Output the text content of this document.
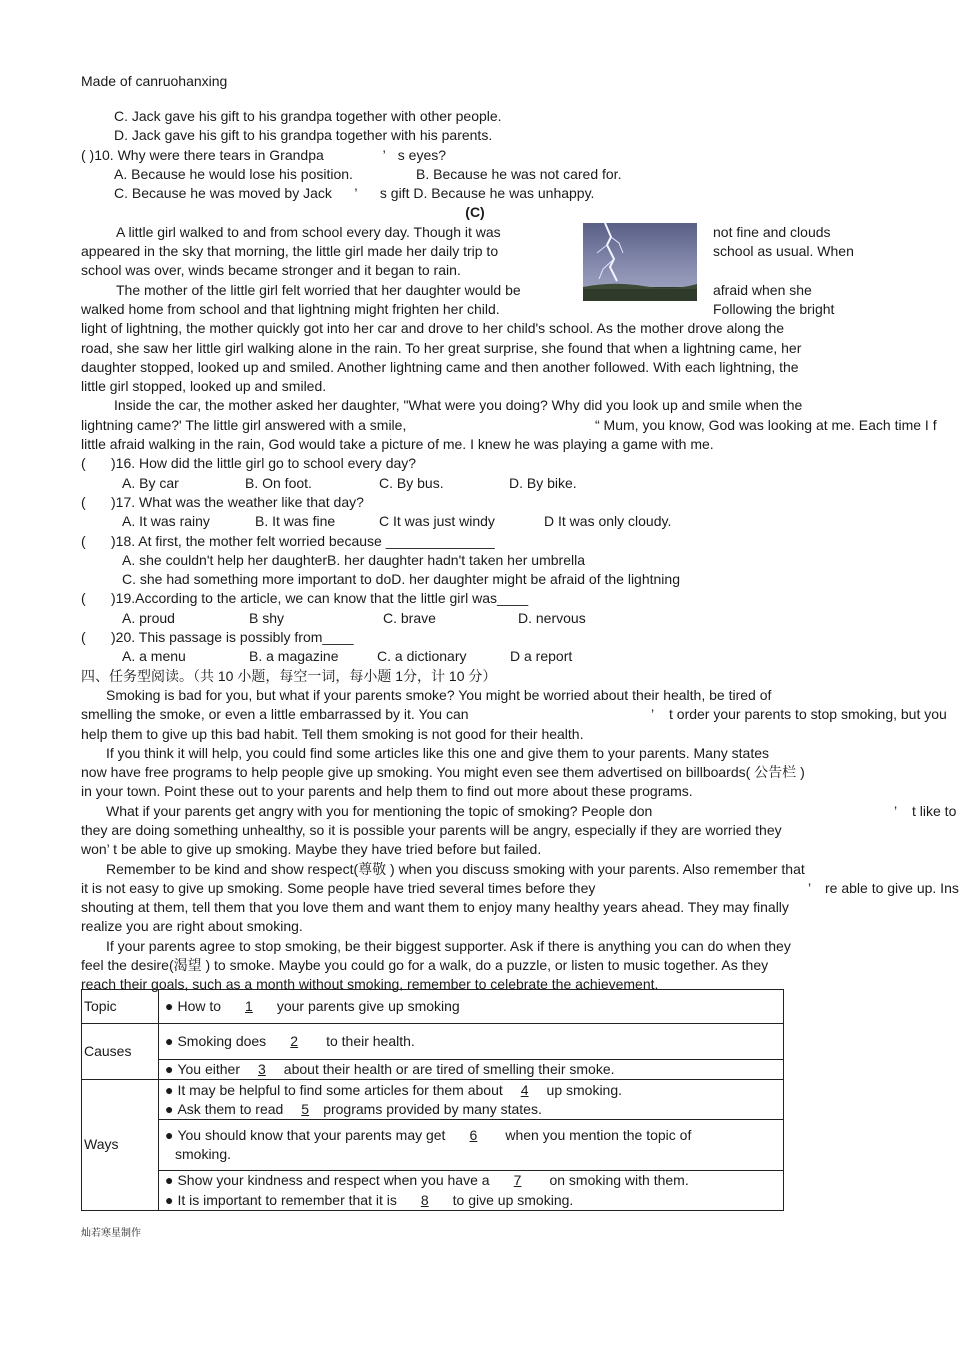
Made of canruohanxing
C. Jack gave his gift to his grandpa together with other people.
D. Jack gave his gift to his grandpa together with his parents.
( )10. Why were there tears in Grandpa	’ s eyes?
A. Because he would lose his position.	B. Because he was not cared for.
C. Because he was moved by Jack ’ s gift D. Because he was unhappy.
(C)
A little girl walked to and from school every day. Though it was	not fine and clouds
appeared in the sky that morning, the little girl made her daily trip to	school as usual. When
school was over, winds became stronger and it began to rain.
The mother of the little girl felt worried that her daughter would be	afraid when she
walked home from school and that lightning might frighten her child.	Following the bright
light of lightning, the mother quickly got into her car and drove to her child's school. As the mother drove along the
road, she saw her little girl walking alone in the rain. To her great surprise, she found that when a lightning came, her
daughter stopped, looked up and smiled. Another lightning came and then another followed. With each lightning, the
little girl stopped, looked up and smiled.
Inside the car, the mother asked her daughter, "What were you doing? Why did you look up and smile when the
lightning came?' The little girl answered with a smile,	“ Mum, you know, God was looking at me. Each time I f
little afraid walking in the rain, God would take a picture of me. I knew he was playing a game with me.
( )16. How did the little girl go to school every day?
A. By car	B. On foot.	C. By bus.	D. By bike.
( )17. What was the weather like that day?
A. It was rainy	B. It was fine	C It was just windy	D It was only cloudy.
( )18. At first, the mother felt worried because ______________
A. she couldn't help her daughterB. her daughter hadn't taken her umbrella
C. she had something more important to doD. her daughter might be afraid of the lightning
( )19.According to the article, we can know that the little girl was____
A. proud	B shy	C. brave	D. nervous
( )20. This passage is possibly from____
A. a menu	B. a magazine	C. a dictionary	D a report
四、任务型阅读。（共 10 小题，每空一词，每小题 1分，计 10 分）
Smoking is bad for you, but what if your parents smoke? You might be worried about their health, be tired of
smelling the smoke, or even a little embarrassed by it. You can	’ t order your parents to stop smoking, but you
help them to give up this bad habit. Tell them smoking is not good for their health.
If you think it will help, you could find some articles like this one and give them to your parents. Many states
now have free programs to help people give up smoking. You might even see them advertised on billboards( 公告栏 )
in your town. Point these out to your parents and help them to find out more about these programs.
What if your parents get angry with you for mentioning the topic of smoking? People don	’ t like to
they are doing something unhealthy, so it is possible your parents will be angry, especially if they are worried they
won’ t be able to give up smoking. Maybe they have tried before but failed.
Remember to be kind and show respect(尊敬 ) when you discuss smoking with your parents. Also remember that
it is not easy to give up smoking. Some people have tried several times before they	’ re able to give up. Ins
shouting at them, tell them that you love them and want them to enjoy many healthy years ahead. They may finally
realize you are right about smoking.
If your parents agree to stop smoking, be their biggest supporter. Ask if there is anything you can do when they
feel the desire(渴望 ) to smoke. Maybe you could go for a walk, do a puzzle, or listen to music together. As they
reach their goals, such as a month without smoking, remember to celebrate the achievement.
Topic	● How to 1 your parents give up smoking
Causes	● Smoking does 2 to their health.
	● You either 3 about their health or are tired of smelling their smoke.
Ways	● It may be helpful to find some articles for them about 4 up smoking.
● Ask them to read 5 programs provided by many states.

	● You should know that your parents may get 6 when you mention the topic of
smoking.

	● Show your kindness and respect when you have a 7 on smoking with them.
● It is important to remember that it is 8 to give up smoking.
灿若寒星制作
